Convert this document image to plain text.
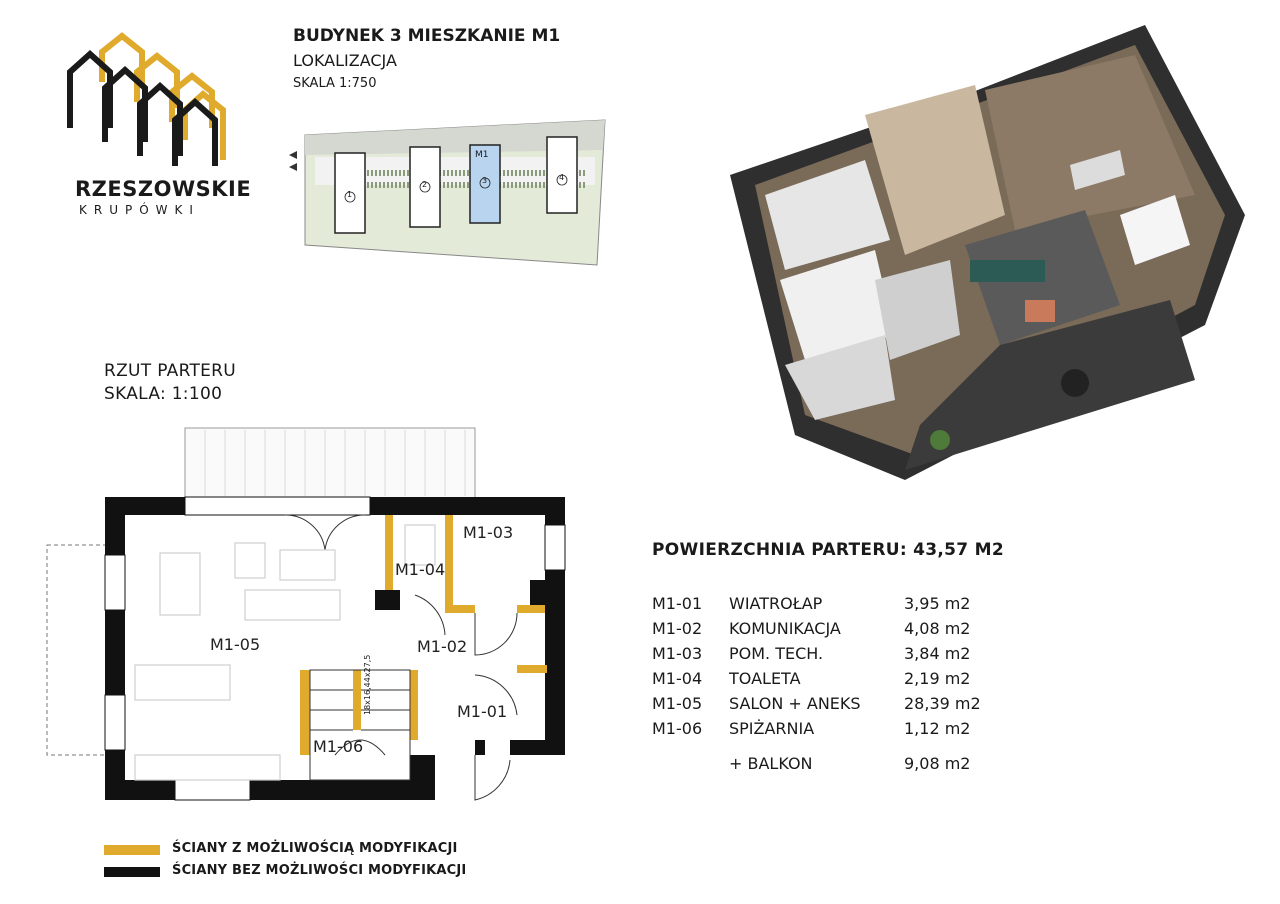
RZESZOWSKIE
KRUPÓWKI
BUDYNEK 3 MIESZKANIE M1
LOKALIZACJA
SKALA 1:750
1
2	3	4
M1
RZUT PARTERU
SKALA: 1:100
M1-05
M1-04
M1-03
M1-02
M1-01
M1-06
18x16,44x27,5
POWIERZCHNIA PARTERU: 43,57 M2
M1-01 WIATROŁAP	3,95 m2
M1-02 KOMUNIKACJA	4,08 m2
M1-03 POM. TECH.	3,84 m2
M1-04 TOALETA	2,19 m2
M1-05 SALON + ANEKS	28,39 m2
M1-06 SPIŻARNIA	1,12 m2
+ BALKON	9,08 m2
ŚCIANY Z MOŻLIWOŚCIĄ MODYFIKACJI
ŚCIANY BEZ MOŻLIWOŚCI MODYFIKACJI
